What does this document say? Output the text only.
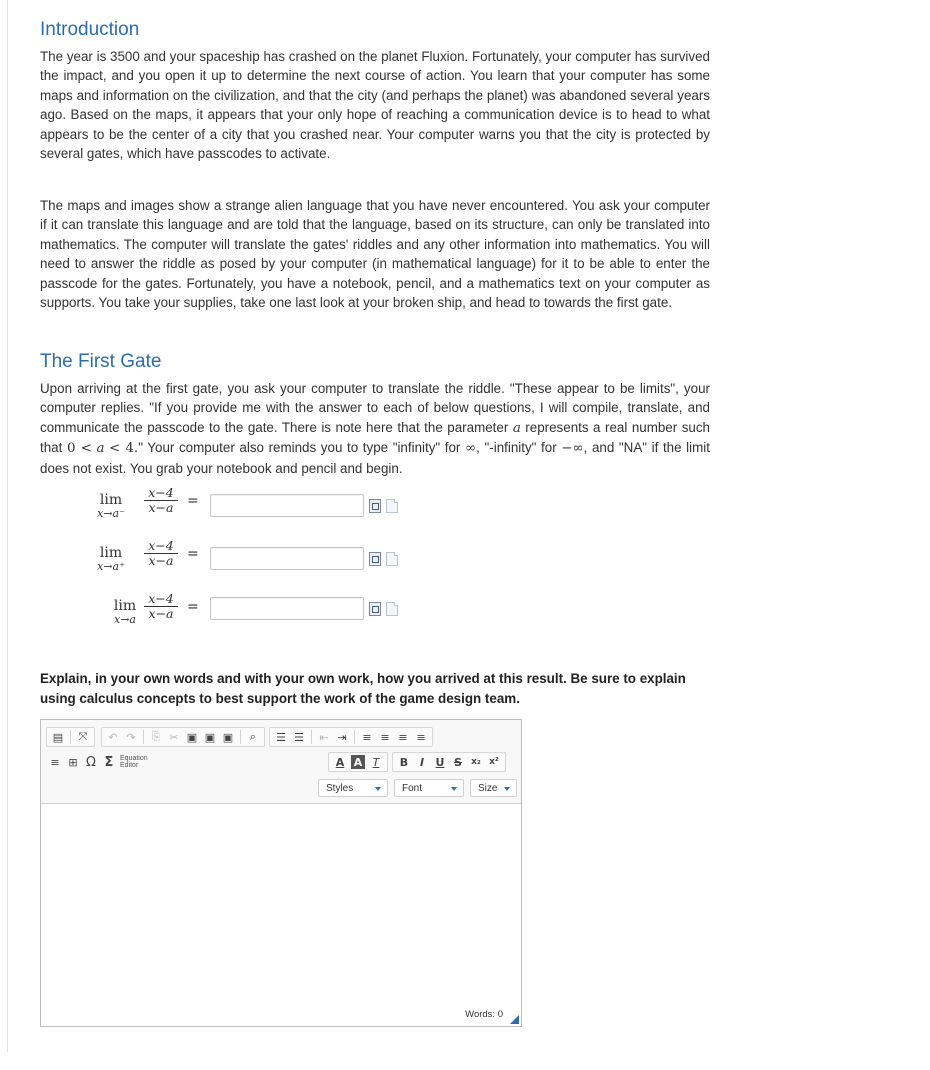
Introduction

The year is 3500 and your spaceship has crashed on the planet Fluxion. Fortunately, your computer has survived the impact, and you open it up to determine the next course of action. You learn that your computer has some maps and information on the civilization, and that the city (and perhaps the planet) was abandoned several years ago. Based on the maps, it appears that your only hope of reaching a communication device is to head to what appears to be the center of a city that you crashed near. Your computer warns you that the city is protected by several gates, which have passcodes to activate.

The maps and images show a strange alien language that you have never encountered. You ask your computer if it can translate this language and are told that the language, based on its structure, can only be translated into mathematics. The computer will translate the gates' riddles and any other information into mathematics. You will need to answer the riddle as posed by your computer (in mathematical language) for it to be able to enter the passcode for the gates. Fortunately, you have a notebook, pencil, and a mathematics text on your computer as supports. You take your supplies, take one last look at your broken ship, and head to towards the first gate.

The First Gate

Upon arriving at the first gate, you ask your computer to translate the riddle. "These appear to be limits", your computer replies. "If you provide me with the answer to each of below questions, I will compile, translate, and communicate the passcode to the gate. There is note here that the parameter a represents a real number such that 0 < a < 4." Your computer also reminds you to type "infinity" for ∞, "-infinity" for −∞, and "NA" if the limit does not exist. You grab your notebook and pencil and begin.

lim
x→a⁻	$\frac{x-4}{x-a}$ =
lim
x→a⁺	$\frac{x-4}{x-a}$ =
lim
$x\to a \frac{x-4}{x-a}$ =
Explain, in your own words and with your own work, how you arrived at this result. Be sure to explain using calculus concepts to best support the work of the game design team.
▤ ⤧ ↶ ↷ ⎘ ✂ ▣ ▣ ▣	⌕	☰ ☰ ⇤ ⇥ ≡ ≡ ≡ ≡
≡ ⊞ Ω Σ Equation
Editor	A A T	B	I	U S	x₂ x²
Styles	Font	Size
Words: 0
